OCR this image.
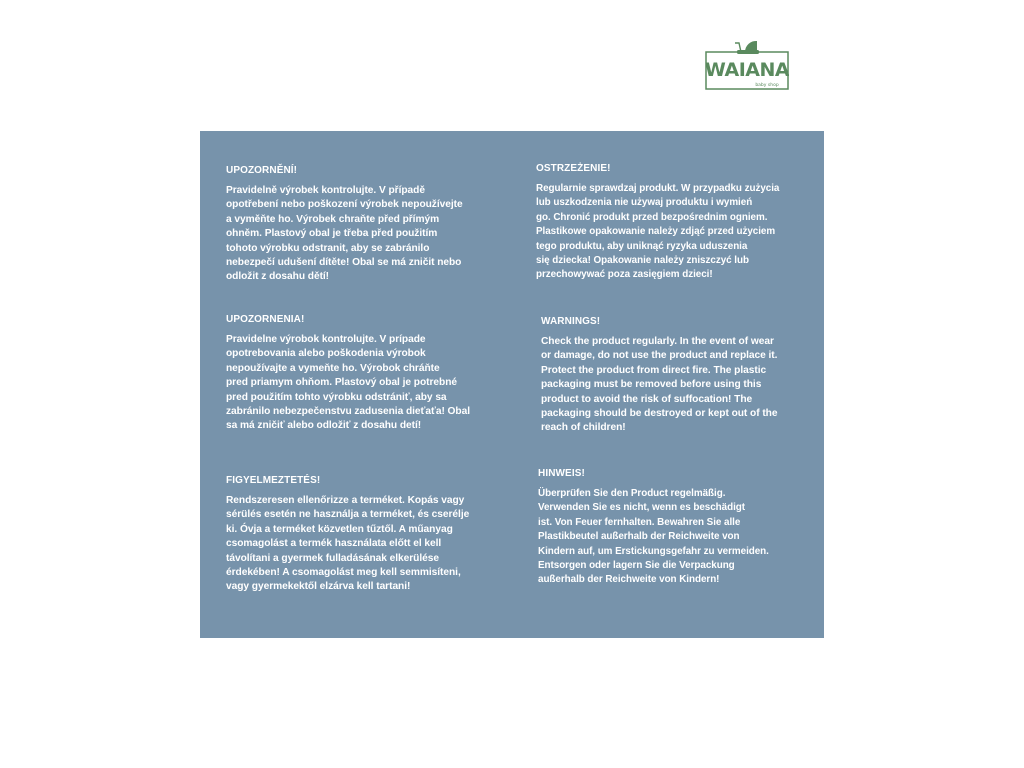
WAIANA
baby shop
UPOZORNĚNÍ!

Pravidelně výrobek kontrolujte. V případě
opotřebení nebo poškození výrobek nepoužívejte
a vyměňte ho. Výrobek chraňte před přímým
ohněm. Plastový obal je třeba před použitím
tohoto výrobku odstranit, aby se zabránilo
nebezpečí udušení dítěte! Obal se má zničit nebo
odložit z dosahu dětí!

OSTRZEŻENIE!

Regularnie sprawdzaj produkt. W przypadku zużycia
lub uszkodzenia nie używaj produktu i wymień
go. Chronić produkt przed bezpośrednim ogniem.
Plastikowe opakowanie należy zdjąć przed użyciem
tego produktu, aby uniknąć ryzyka uduszenia
się dziecka! Opakowanie należy zniszczyć lub
przechowywać poza zasięgiem dzieci!

UPOZORNENIA!

Pravidelne výrobok kontrolujte. V prípade
opotrebovania alebo poškodenia výrobok
nepoužívajte a vymeňte ho. Výrobok chráňte
pred priamym ohňom. Plastový obal je potrebné
pred použitím tohto výrobku odstrániť, aby sa
zabránilo nebezpečenstvu zadusenia dieťaťa! Obal
sa má zničiť alebo odložiť z dosahu detí!

WARNINGS!

Check the product regularly. In the event of wear
or damage, do not use the product and replace it.
Protect the product from direct fire. The plastic
packaging must be removed before using this
product to avoid the risk of suffocation! The
packaging should be destroyed or kept out of the
reach of children!

FIGYELMEZTETÉS!

Rendszeresen ellenőrizze a terméket. Kopás vagy
sérülés esetén ne használja a terméket, és cserélje
ki. Óvja a terméket közvetlen tűztől. A műanyag
csomagolást a termék használata előtt el kell
távolítani a gyermek fulladásának elkerülése
érdekében! A csomagolást meg kell semmisíteni,
vagy gyermekektől elzárva kell tartani!

HINWEIS!

Überprüfen Sie den Product regelmäßig.
Verwenden Sie es nicht, wenn es beschädigt
ist. Von Feuer fernhalten. Bewahren Sie alle
Plastikbeutel außerhalb der Reichweite von
Kindern auf, um Erstickungsgefahr zu vermeiden.
Entsorgen oder lagern Sie die Verpackung
außerhalb der Reichweite von Kindern!
